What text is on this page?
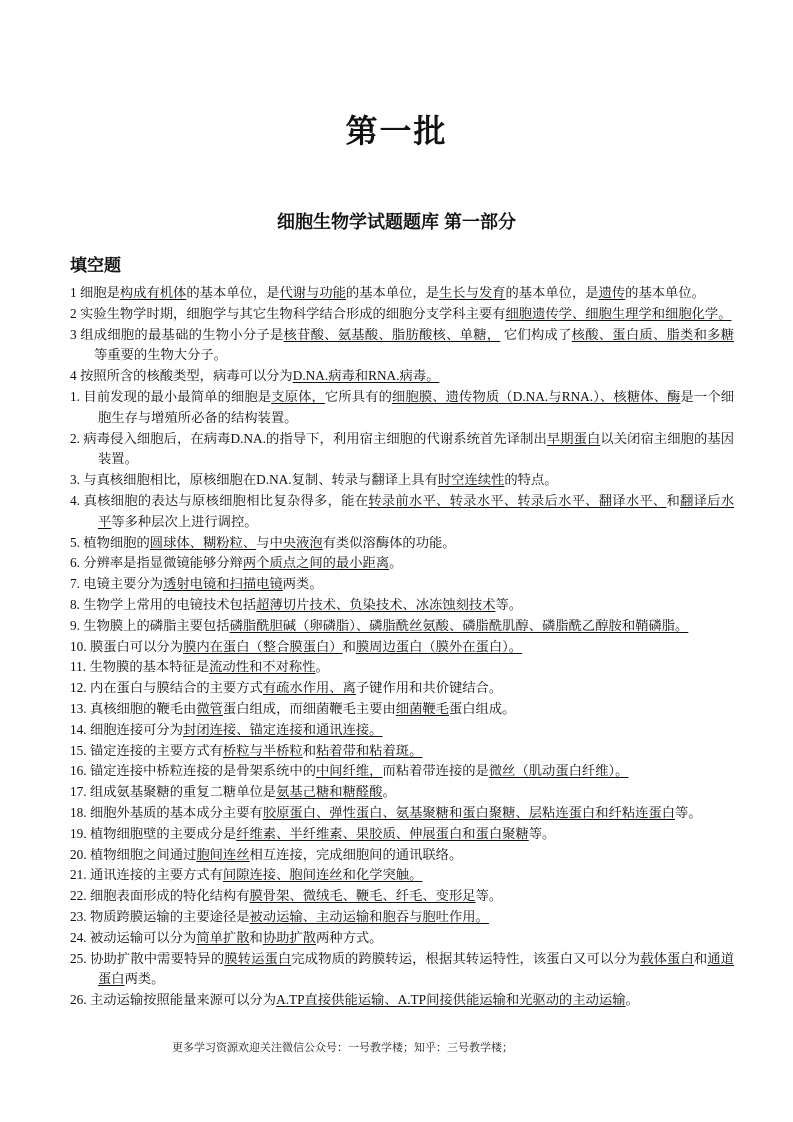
第一批
细胞生物学试题题库 第一部分
填空题
1 细胞是构成有机体的基本单位，是代谢与功能的基本单位，是生长与发育的基本单位，是遗传的基本单位。
2 实验生物学时期，细胞学与其它生物科学结合形成的细胞分支学科主要有细胞遗传学、细胞生理学和细胞化学。
3 组成细胞的最基础的生物小分子是核苷酸、氨基酸、脂肪酸核、单糖， 它们构成了核酸、蛋白质、脂类和多糖等重要的生物大分子。
4 按照所含的核酸类型，病毒可以分为D.NA.病毒和RNA.病毒。
1. 目前发现的最小最简单的细胞是支原体，它所具有的细胞膜、遗传物质（D.NA.与RNA.）、核糖体、酶是一个细胞生存与增殖所必备的结构装置。
2. 病毒侵入细胞后，在病毒D.NA.的指导下，利用宿主细胞的代谢系统首先译制出早期蛋白以关闭宿主细胞的基因装置。
3. 与真核细胞相比，原核细胞在D.NA.复制、转录与翻译上具有时空连续性的特点。
4. 真核细胞的表达与原核细胞相比复杂得多，能在转录前水平、转录水平、转录后水平、翻译水平、和翻译后水平等多种层次上进行调控。
5. 植物细胞的圆球体、糊粉粒、与中央液泡有类似溶酶体的功能。
6. 分辨率是指显微镜能够分辩两个质点之间的最小距离。
7. 电镜主要分为透射电镜和扫描电镜两类。
8. 生物学上常用的电镜技术包括超薄切片技术、负染技术、冰冻蚀刻技术等。
9. 生物膜上的磷脂主要包括磷脂酰胆碱（卵磷脂）、磷脂酰丝氨酸、磷脂酰肌醇、磷脂酰乙醇胺和鞘磷脂。
10. 膜蛋白可以分为膜内在蛋白（整合膜蛋白）和膜周边蛋白（膜外在蛋白）。
11. 生物膜的基本特征是流动性和不对称性。
12. 内在蛋白与膜结合的主要方式有疏水作用、离子键作用和共价键结合。
13. 真核细胞的鞭毛由微管蛋白组成，而细菌鞭毛主要由细菌鞭毛蛋白组成。
14. 细胞连接可分为封闭连接、锚定连接和通讯连接。
15. 锚定连接的主要方式有桥粒与半桥粒和粘着带和粘着斑。
16. 锚定连接中桥粒连接的是骨架系统中的中间纤维，而粘着带连接的是微丝（肌动蛋白纤维）。
17. 组成氨基聚糖的重复二糖单位是氨基己糖和糖醛酸。
18. 细胞外基质的基本成分主要有胶原蛋白、弹性蛋白、氨基聚糖和蛋白聚糖、层粘连蛋白和纤粘连蛋白等。
19. 植物细胞壁的主要成分是纤维素、半纤维素、果胶质、伸展蛋白和蛋白聚糖等。
20. 植物细胞之间通过胞间连丝相互连接，完成细胞间的通讯联络。
21. 通讯连接的主要方式有间隙连接、胞间连丝和化学突触。
22. 细胞表面形成的特化结构有膜骨架、微绒毛、鞭毛、纤毛、变形足等。
23. 物质跨膜运输的主要途径是被动运输、主动运输和胞吞与胞吐作用。
24. 被动运输可以分为简单扩散和协助扩散两种方式。
25. 协助扩散中需要特异的膜转运蛋白完成物质的跨膜转运，根据其转运特性，该蛋白又可以分为载体蛋白和通道蛋白两类。
26. 主动运输按照能量来源可以分为A.TP直接供能运输、A.TP间接供能运输和光驱动的主动运输。
更多学习资源欢迎关注微信公众号：一号教学楼；知乎：三号教学楼；
